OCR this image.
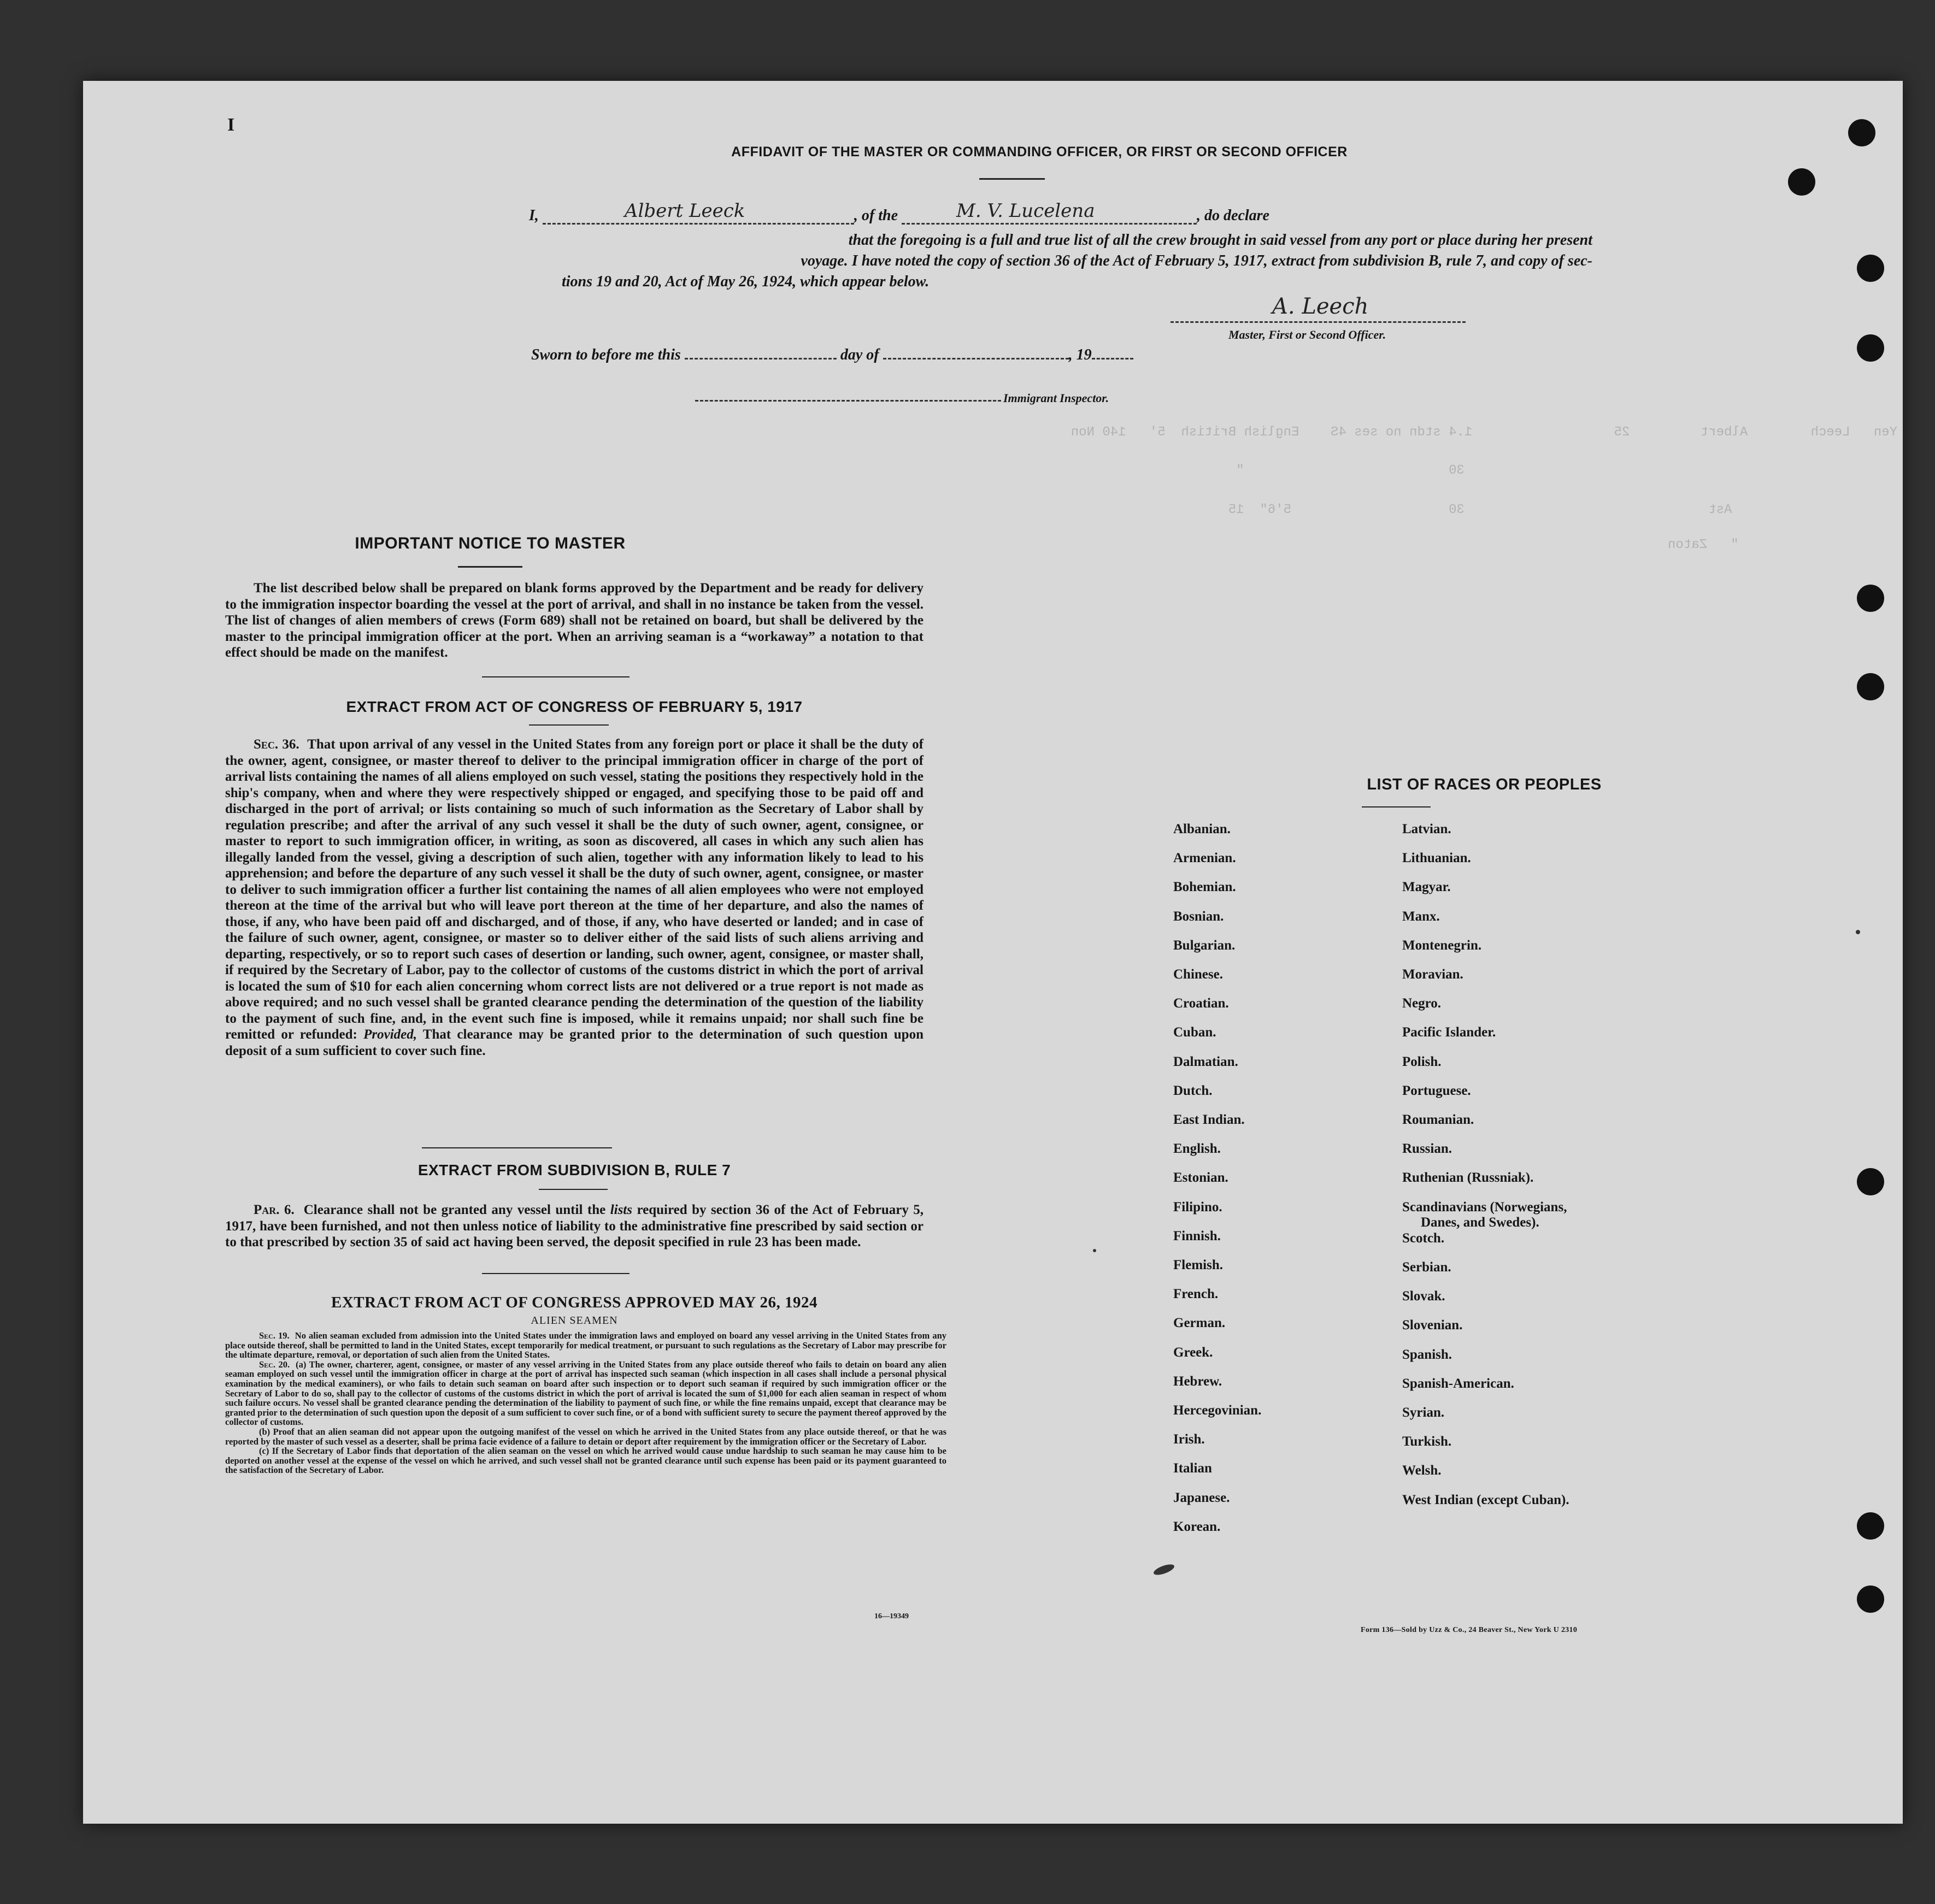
I
AFFIDAVIT OF THE MASTER OR COMMANDING OFFICER, OR FIRST OR SECOND OFFICER
I,	Albert Leeck	, of the	M. V. Lucelena	, do declare
that the foregoing is a full and true list of all the crew brought in said vessel from any port or place during her present
voyage. I have noted the copy of section 36 of the Act of February 5, 1917, extract from subdivision B, rule 7, and copy of sec-
tions 19 and 20, Act of May 26, 1924, which appear below.
A. Leech
Master, First or Second Officer.
Sworn to before me this	day of	, 19
Immigrant Inspector.
Yen   Leech        Albert         25                  1.4 stdn no ses 4S    English British  5'   140 Non
30                          "
Ast                               30                    5'6"  15
"   Zaton
IMPORTANT NOTICE TO MASTER

The list described below shall be prepared on blank forms approved by the Department and be ready for delivery to the immigration inspector boarding the vessel at the port of arrival, and shall in no instance be taken from the vessel. The list of changes of alien members of crews (Form 689) shall not be retained on board, but shall be delivered by the master to the principal immigration officer at the port. When an arriving seaman is a “workaway” a notation to that effect should be made on the manifest.

EXTRACT FROM ACT OF CONGRESS OF FEBRUARY 5, 1917

Sec. 36. That upon arrival of any vessel in the United States from any foreign port or place it shall be the duty of the owner, agent, consignee, or master thereof to deliver to the principal immigration officer in charge of the port of arrival lists containing the names of all aliens employed on such vessel, stating the positions they respectively hold in the ship's company, when and where they were respectively shipped or engaged, and specifying those to be paid off and discharged in the port of arrival; or lists containing so much of such information as the Secretary of Labor shall by regulation prescribe; and after the arrival of any such vessel it shall be the duty of such owner, agent, consignee, or master to report to such immigration officer, in writing, as soon as discovered, all cases in which any such alien has illegally landed from the vessel, giving a description of such alien, together with any information likely to lead to his apprehension; and before the departure of any such vessel it shall be the duty of such owner, agent, consignee, or master to deliver to such immigration officer a further list containing the names of all alien employees who were not employed thereon at the time of the arrival but who will leave port thereon at the time of her departure, and also the names of those, if any, who have been paid off and discharged, and of those, if any, who have deserted or landed; and in case of the failure of such owner, agent, consignee, or master so to deliver either of the said lists of such aliens arriving and departing, respectively, or so to report such cases of desertion or landing, such owner, agent, consignee, or master shall, if required by the Secretary of Labor, pay to the collector of customs of the customs district in which the port of arrival is located the sum of $10 for each alien concerning whom correct lists are not delivered or a true report is not made as above required; and no such vessel shall be granted clearance pending the determination of the question of the liability to the payment of such fine, and, in the event such fine is imposed, while it remains unpaid; nor shall such fine be remitted or refunded: Provided, That clearance may be granted prior to the determination of such question upon deposit of a sum sufficient to cover such fine.

EXTRACT FROM SUBDIVISION B, RULE 7

Par. 6. Clearance shall not be granted any vessel until the lists required by section 36 of the Act of February 5, 1917, have been furnished, and not then unless notice of liability to the administrative fine prescribed by said section or to that prescribed by section 35 of said act having been served, the deposit specified in rule 23 has been made.

EXTRACT FROM ACT OF CONGRESS APPROVED MAY 26, 1924
ALIEN SEAMEN

Sec. 19. No alien seaman excluded from admission into the United States under the immigration laws and employed on board any vessel arriving in the United States from any place outside thereof, shall be permitted to land in the United States, except temporarily for medical treatment, or pursuant to such regulations as the Secretary of Labor may prescribe for the ultimate departure, removal, or deportation of such alien from the United States.

Sec. 20. (a) The owner, charterer, agent, consignee, or master of any vessel arriving in the United States from any place outside thereof who fails to detain on board any alien seaman employed on such vessel until the immigration officer in charge at the port of arrival has inspected such seaman (which inspection in all cases shall include a personal physical examination by the medical examiners), or who fails to detain such seaman on board after such inspection or to deport such seaman if required by such immigration officer or the Secretary of Labor to do so, shall pay to the collector of customs of the customs district in which the port of arrival is located the sum of $1,000 for each alien seaman in respect of whom such failure occurs. No vessel shall be granted clearance pending the determination of the liability to payment of such fine, or while the fine remains unpaid, except that clearance may be granted prior to the determination of such question upon the deposit of a sum sufficient to cover such fine, or of a bond with sufficient surety to secure the payment thereof approved by the collector of customs.

(b) Proof that an alien seaman did not appear upon the outgoing manifest of the vessel on which he arrived in the United States from any place outside thereof, or that he was reported by the master of such vessel as a deserter, shall be prima facie evidence of a failure to detain or deport after requirement by the immigration officer or the Secretary of Labor.

(c) If the Secretary of Labor finds that deportation of the alien seaman on the vessel on which he arrived would cause undue hardship to such seaman he may cause him to be deported on another vessel at the expense of the vessel on which he arrived, and such vessel shall not be granted clearance until such expense has been paid or its payment guaranteed to the satisfaction of the Secretary of Labor.

16—19349
LIST OF RACES OR PEOPLES
Form 136—Sold by Uzz & Co., 24 Beaver St., New York U 2310
Albanian.
Armenian.
Bohemian.
Bosnian.
Bulgarian.
Chinese.
Croatian.
Cuban.
Dalmatian.
Dutch.
East Indian.
English.
Estonian.
Filipino.
Finnish.
Flemish.
French.
German.
Greek.
Hebrew.
Hercegovinian.
Irish.
Italian
Japanese.
Korean.
Latvian.
Lithuanian.
Magyar.
Manx.
Montenegrin.
Moravian.
Negro.
Pacific Islander.
Polish.
Portuguese.
Roumanian.
Russian.
Ruthenian (Russniak).
Scandinavians (Norwegians,
Danes, and Swedes).
Scotch.
Serbian.
Slovak.
Slovenian.
Spanish.
Spanish-American.
Syrian.
Turkish.
Welsh.
West Indian (except Cuban).
